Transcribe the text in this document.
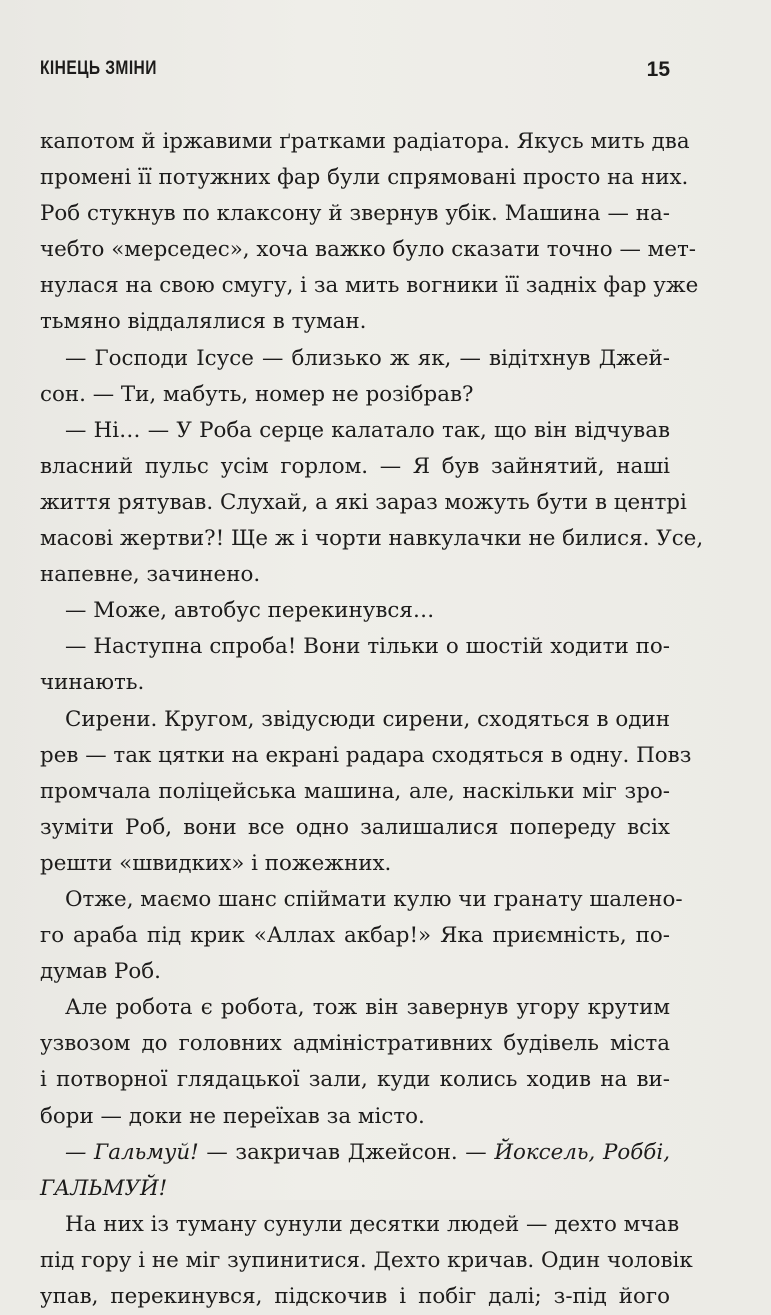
КІНЕЦЬ ЗМІНИ	15
капотом й іржавими ґратками радіатора. Якусь мить два
промені її потужних фар були спрямовані просто на них.
Роб стукнув по клаксону й звернув убік. Машина — на-
чебто «мерседес», хоча важко було сказати точно — мет-
нулася на свою смугу, і за мить вогники її задніх фар уже
тьмяно віддалялися в туман.
— Господи Ісусе — близько ж як, — відітхнув Джей-
сон. — Ти, мабуть, номер не розібрав?
— Ні… — У Роба серце калатало так, що він відчував
власний пульс усім горлом. — Я був зайнятий, наші
життя рятував. Слухай, а які зараз можуть бути в центрі
масові жертви?! Ще ж і чорти навкулачки не билися. Усе,
напевне, зачинено.
— Може, автобус перекинувся…
— Наступна спроба! Вони тільки о шостій ходити по-
чинають.
Сирени. Кругом, звідусюди сирени, сходяться в один
рев — так цятки на екрані радара сходяться в одну. Повз
промчала поліцейська машина, але, наскільки міг зро-
зуміти Роб, вони все одно залишалися попереду всіх
решти «швидких» і пожежних.
Отже, маємо шанс спіймати кулю чи гранату шалено-
го араба під крик «Аллах акбар!» Яка приємність, по-
думав Роб.
Але робота є робота, тож він завернув угору крутим
узвозом до головних адміністративних будівель міста
і потворної глядацької зали, куди колись ходив на ви-
бори — доки не переїхав за місто.
— Гальмуй! — закричав Джейсон. — Йоксель, Роббі,
ГАЛЬМУЙ!
На них із туману сунули десятки людей — дехто мчав
під гору і не міг зупинитися. Дехто кричав. Один чоловік
упав, перекинувся, підскочив і побіг далі; з-під його
